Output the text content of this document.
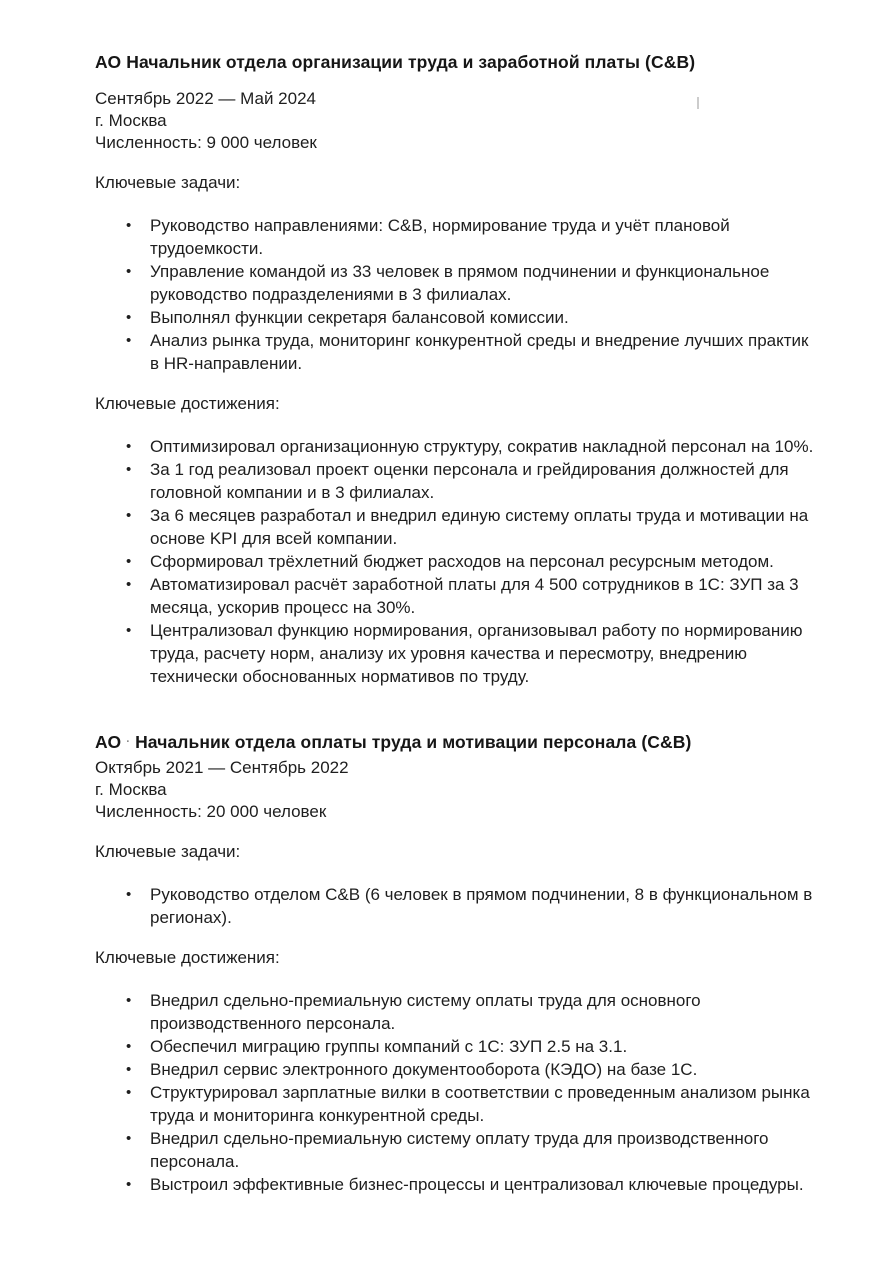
АО Начальник отдела организации труда и заработной платы (C&B)
Сентябрь 2022 — Май 2024
г. Москва
Численность: 9 000 человек
Ключевые задачи:
• Руководство направлениями: C&B, нормирование труда и учёт плановой трудоемкости.
• Управление командой из 33 человек в прямом подчинении и функциональное руководство подразделениями в 3 филиалах.
• Выполнял функции секретаря балансовой комиссии.
• Анализ рынка труда, мониторинг конкурентной среды и внедрение лучших практик в HR-направлении.
Ключевые достижения:
• Оптимизировал организационную структуру, сократив накладной персонал на 10%.
• За 1 год реализовал проект оценки персонала и грейдирования должностей для головной компании и в 3 филиалах.
• За 6 месяцев разработал и внедрил единую систему оплаты труда и мотивации на основе KPI для всей компании.
• Сформировал трёхлетний бюджет расходов на персонал ресурсным методом.
• Автоматизировал расчёт заработной платы для 4 500 сотрудников в 1С: ЗУП за 3 месяца, ускорив процесс на 30%.
• Централизовал функцию нормирования, организовывал работу по нормированию труда, расчету норм, анализу их уровня качества и пересмотру, внедрению технически обоснованных нормативов по труду.
АО · Начальник отдела оплаты труда и мотивации персонала (C&B)
Октябрь 2021 — Сентябрь 2022
г. Москва
Численность: 20 000 человек
Ключевые задачи:
• Руководство отделом C&B (6 человек в прямом подчинении, 8 в функциональном в регионах).
Ключевые достижения:
• Внедрил сдельно-премиальную систему оплаты труда для основного производственного персонала.
• Обеспечил миграцию группы компаний с 1С: ЗУП 2.5 на 3.1.
• Внедрил сервис электронного документооборота (КЭДО) на базе 1С.
• Структурировал зарплатные вилки в соответствии с проведенным анализом рынка труда и мониторинга конкурентной среды.
• Внедрил сдельно-премиальную систему оплату труда для производственного персонала.
• Выстроил эффективные бизнес-процессы и централизовал ключевые процедуры.
